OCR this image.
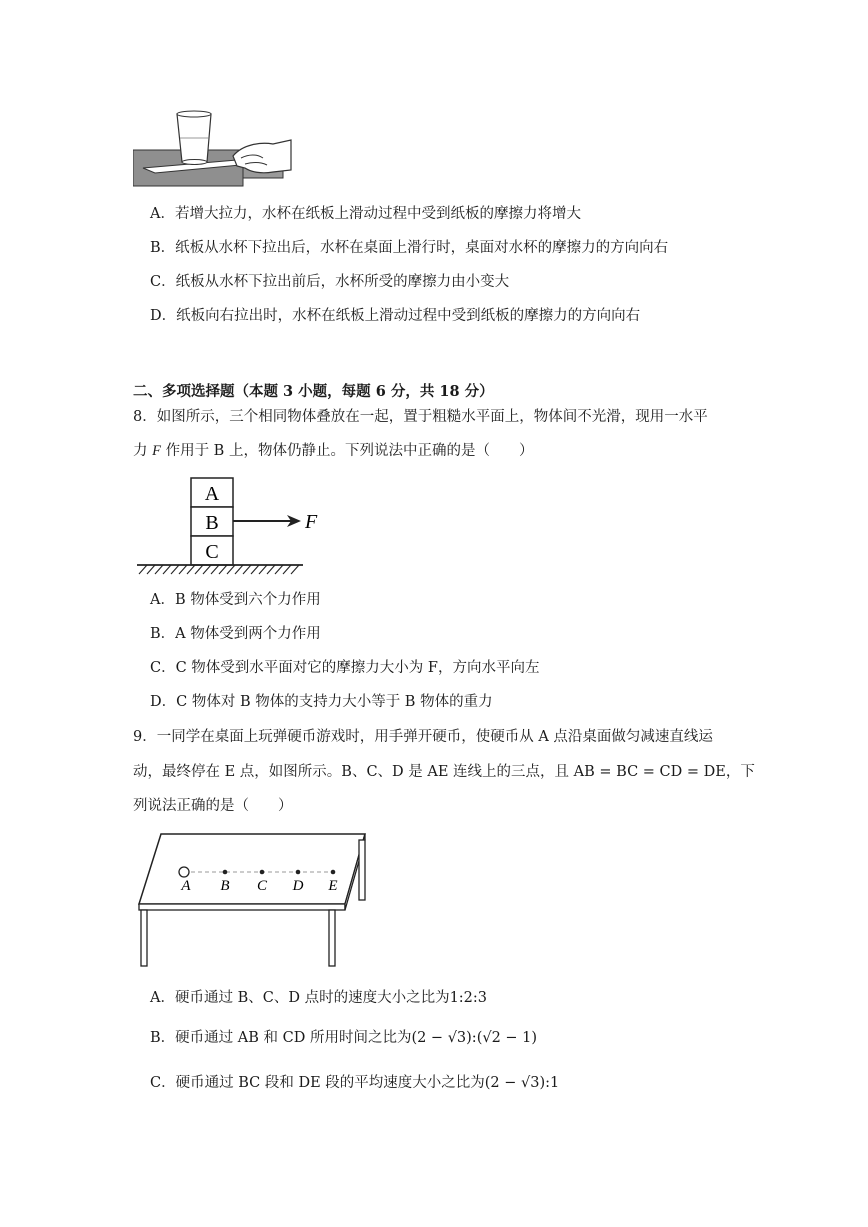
A．若增大拉力，水杯在纸板上滑动过程中受到纸板的摩擦力将增大
B．纸板从水杯下拉出后，水杯在桌面上滑行时，桌面对水杯的摩擦力的方向向右
C．纸板从水杯下拉出前后，水杯所受的摩擦力由小变大
D．纸板向右拉出时，水杯在纸板上滑动过程中受到纸板的摩擦力的方向向右
二、多项选择题（本题 3 小题，每题 6 分，共 18 分）
8．如图所示，三个相同物体叠放在一起，置于粗糙水平面上，物体间不光滑，现用一水平
力 F 作用于 B 上，物体仍静止。下列说法中正确的是（　　）
A
B
C
F
A．B 物体受到六个力作用
B．A 物体受到两个力作用
C．C 物体受到水平面对它的摩擦力大小为 F，方向水平向左
D．C 物体对 B 物体的支持力大小等于 B 物体的重力
9．一同学在桌面上玩弹硬币游戏时，用手弹开硬币，使硬币从 A 点沿桌面做匀减速直线运
动，最终停在 E 点，如图所示。B、C、D 是 AE 连线上的三点，且 AB = BC = CD = DE，下
列说法正确的是（　　）
A B C D E
A．硬币通过 B、C、D 点时的速度大小之比为1:2:3
B．硬币通过 AB 和 CD 所用时间之比为(2 − √3):(√2 − 1)
C．硬币通过 BC 段和 DE 段的平均速度大小之比为(2 − √3):1
